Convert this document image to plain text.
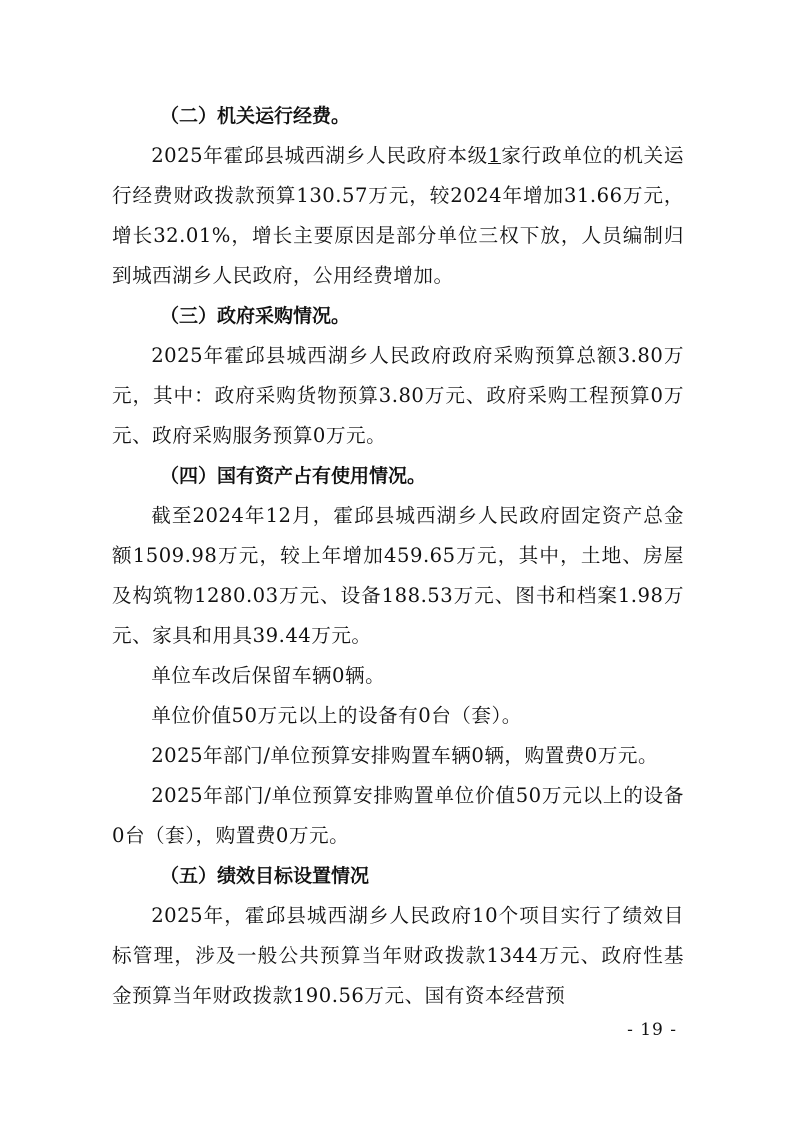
（二）机关运行经费。

2025年霍邱县城西湖乡人民政府本级1家行政单位的机关运行经费财政拨款预算130.57万元，较2024年增加31.66万元，增长32.01%，增长主要原因是部分单位三权下放，人员编制归到城西湖乡人民政府，公用经费增加。

（三）政府采购情况。

2025年霍邱县城西湖乡人民政府政府采购预算总额3.80万元，其中：政府采购货物预算3.80万元、政府采购工程预算0万元、政府采购服务预算0万元。

（四）国有资产占有使用情况。

截至2024年12月，霍邱县城西湖乡人民政府固定资产总金额1509.98万元，较上年增加459.65万元，其中，土地、房屋及构筑物1280.03万元、设备188.53万元、图书和档案1.98万元、家具和用具39.44万元。

单位车改后保留车辆0辆。

单位价值50万元以上的设备有0台（套）。

2025年部门/单位预算安排购置车辆0辆，购置费0万元。

2025年部门/单位预算安排购置单位价值50万元以上的设备0台（套），购置费0万元。

（五）绩效目标设置情况

2025年，霍邱县城西湖乡人民政府10个项目实行了绩效目标管理，涉及一般公共预算当年财政拨款1344万元、政府性基金预算当年财政拨款190.56万元、国有资本经营预

- 19 -
